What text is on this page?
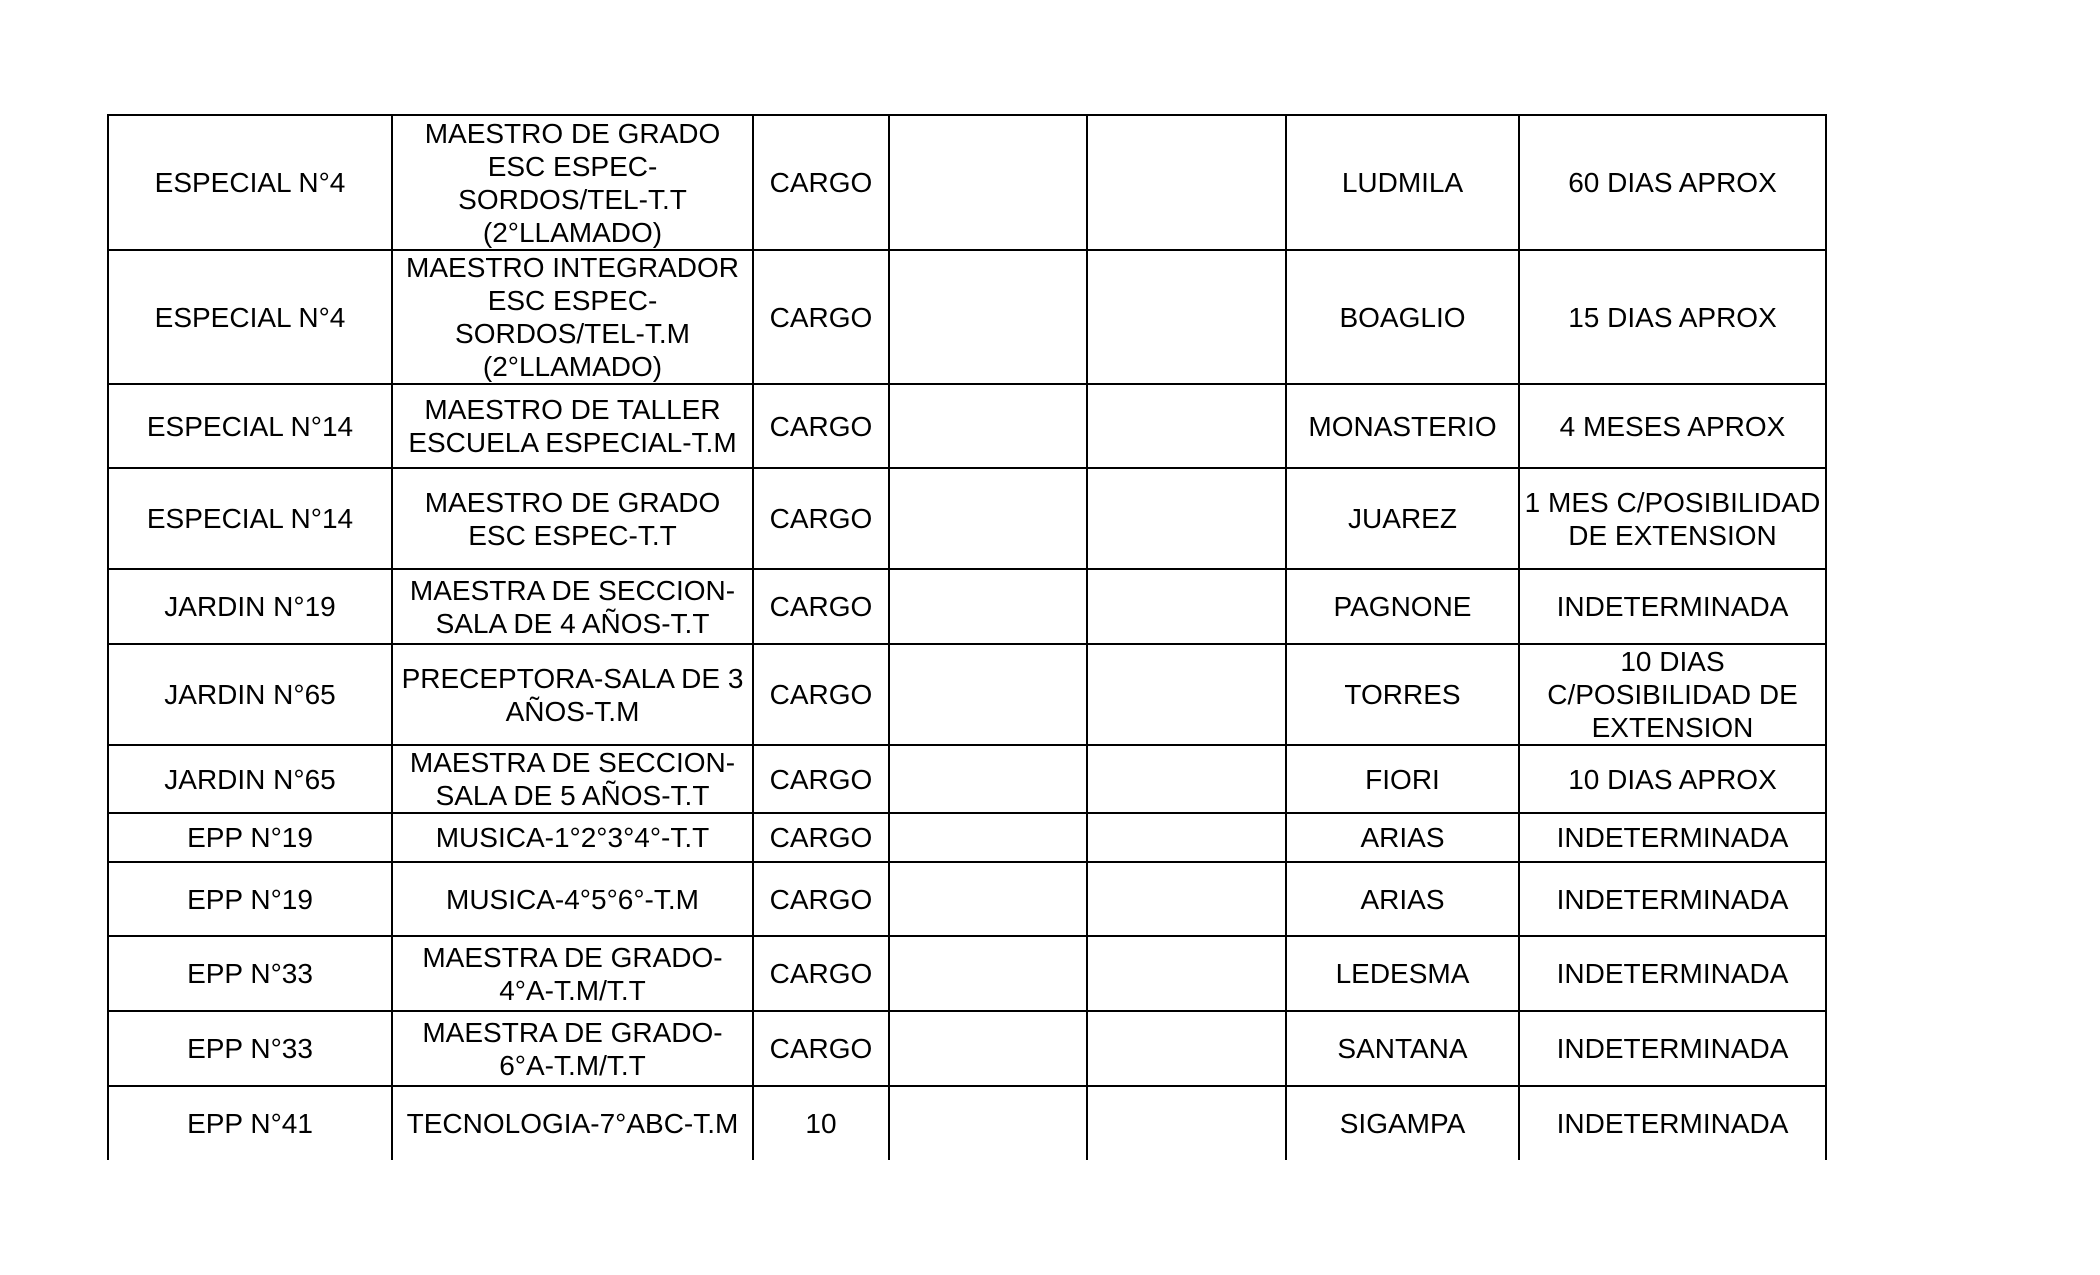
ESPECIAL N°4	MAESTRO DE GRADO ESC ESPEC-SORDOS/TEL-T.T (2°LLAMADO)	CARGO			LUDMILA	60 DIAS APROX
ESPECIAL N°4	MAESTRO INTEGRADOR ESC ESPEC-SORDOS/TEL-T.M (2°LLAMADO)	CARGO			BOAGLIO	15 DIAS APROX
ESPECIAL N°14	MAESTRO DE TALLER ESCUELA ESPECIAL-T.M	CARGO			MONASTERIO	4 MESES APROX
ESPECIAL N°14	MAESTRO DE GRADO ESC ESPEC-T.T	CARGO			JUAREZ	1 MES C/POSIBILIDAD DE EXTENSION
JARDIN N°19	MAESTRA DE SECCION-SALA DE 4 AÑOS-T.T	CARGO			PAGNONE	INDETERMINADA
JARDIN N°65	PRECEPTORA-SALA DE 3 AÑOS-T.M	CARGO			TORRES	10 DIAS C/POSIBILIDAD DE EXTENSION
JARDIN N°65	MAESTRA DE SECCION-SALA DE 5 AÑOS-T.T	CARGO			FIORI	10 DIAS APROX
EPP N°19	MUSICA-1°2°3°4°-T.T	CARGO			ARIAS	INDETERMINADA
EPP N°19	MUSICA-4°5°6°-T.M	CARGO			ARIAS	INDETERMINADA
EPP N°33	MAESTRA DE GRADO-4°A-T.M/T.T	CARGO			LEDESMA	INDETERMINADA
EPP N°33	MAESTRA DE GRADO-6°A-T.M/T.T	CARGO			SANTANA	INDETERMINADA
EPP N°41	TECNOLOGIA-7°ABC-T.M	10			SIGAMPA	INDETERMINADA
